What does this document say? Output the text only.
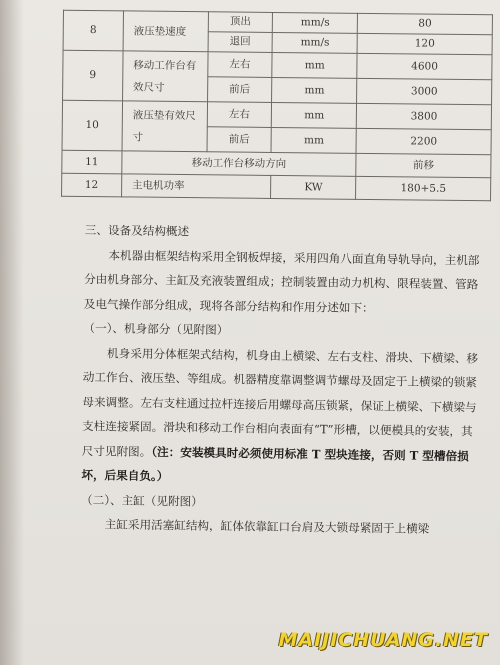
8	液压垫速度	顶出	mm/s	80
		退回	mm/s	120
9	移动工作台有效尺寸	左右	mm	4600
		前后	mm	3000
10	液压垫有效尺寸	左右	mm	3800
		前后	mm	2200
11	移动工作台移动方向			前移
12	主电机功率		KW	180+5.5

三、设备及结构概述

本机器由框架结构采用全钢板焊接，采用四角八面直角导轨导向，主机部分由机身部分、主缸及充液装置组成；控制装置由动力机构、限程装置、管路及电气操作部分组成，现将各部分结构和作用分述如下：

（一）、机身部分（见附图）

机身采用分体框架式结构，机身由上横梁、左右支柱、滑块、下横梁、移动工作台、液压垫、等组成。机器精度靠调整调节螺母及固定于上横梁的锁紧母来调整。左右支柱通过拉杆连接后用螺母高压锁紧，保证上横梁、下横梁与支柱连接紧固。滑块和移动工作台相向表面有“T”形槽，以便模具的安装，其尺寸见附图。（注：安装模具时必须使用标准 T 型块连接，否则 T 型槽倍损坏，后果自负。）

（二）、主缸（见附图）

主缸采用活塞缸结构，缸体依靠缸口台肩及大锁母紧固于上横梁

MAIJICHUANG.NET
